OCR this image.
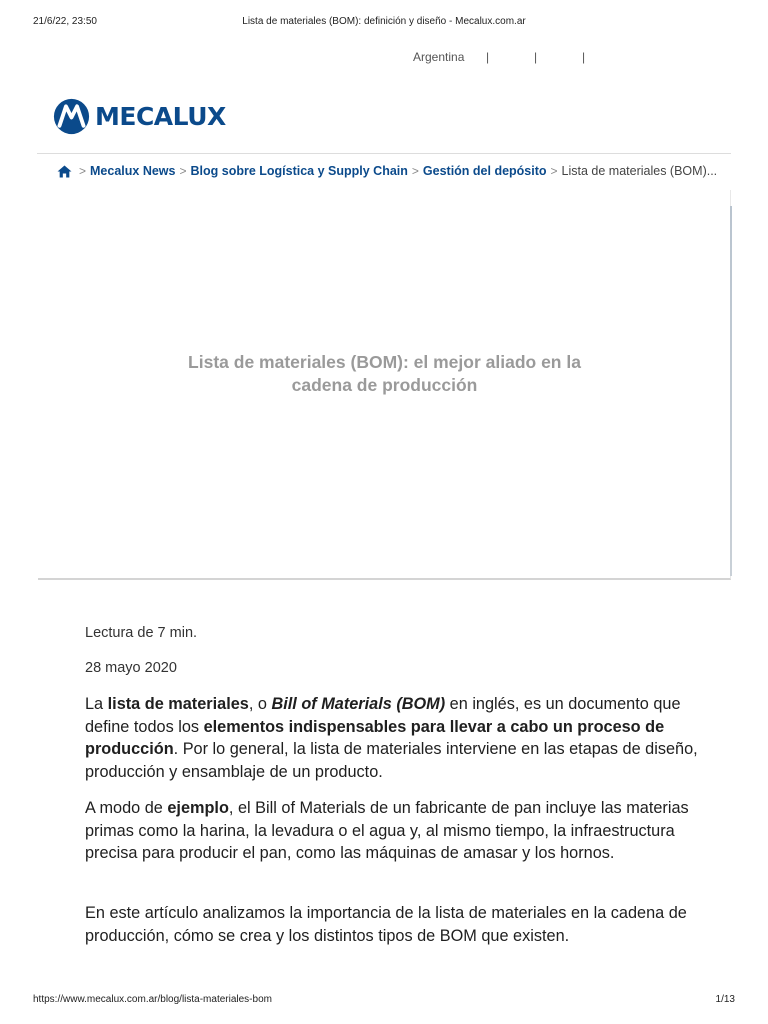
21/6/22, 23:50	Lista de materiales (BOM): definición y diseño - Mecalux.com.ar
Argentina |	|	|
MECALUX
> Mecalux News > Blog sobre Logística y Supply Chain > Gestión del depósito > Lista de materiales (BOM)...
Lista de materiales (BOM): el mejor aliado en la cadena de producción
Lectura de 7 min.
28 mayo 2020

La lista de materiales, o Bill of Materials (BOM) en inglés, es un documento que define todos los elementos indispensables para llevar a cabo un proceso de producción. Por lo general, la lista de materiales interviene en las etapas de diseño, producción y ensamblaje de un producto.

A modo de ejemplo, el Bill of Materials de un fabricante de pan incluye las materias primas como la harina, la levadura o el agua y, al mismo tiempo, la infraestructura precisa para producir el pan, como las máquinas de amasar y los hornos.

En este artículo analizamos la importancia de la lista de materiales en la cadena de producción, cómo se crea y los distintos tipos de BOM que existen.

https://www.mecalux.com.ar/blog/lista-materiales-bom	1/13
